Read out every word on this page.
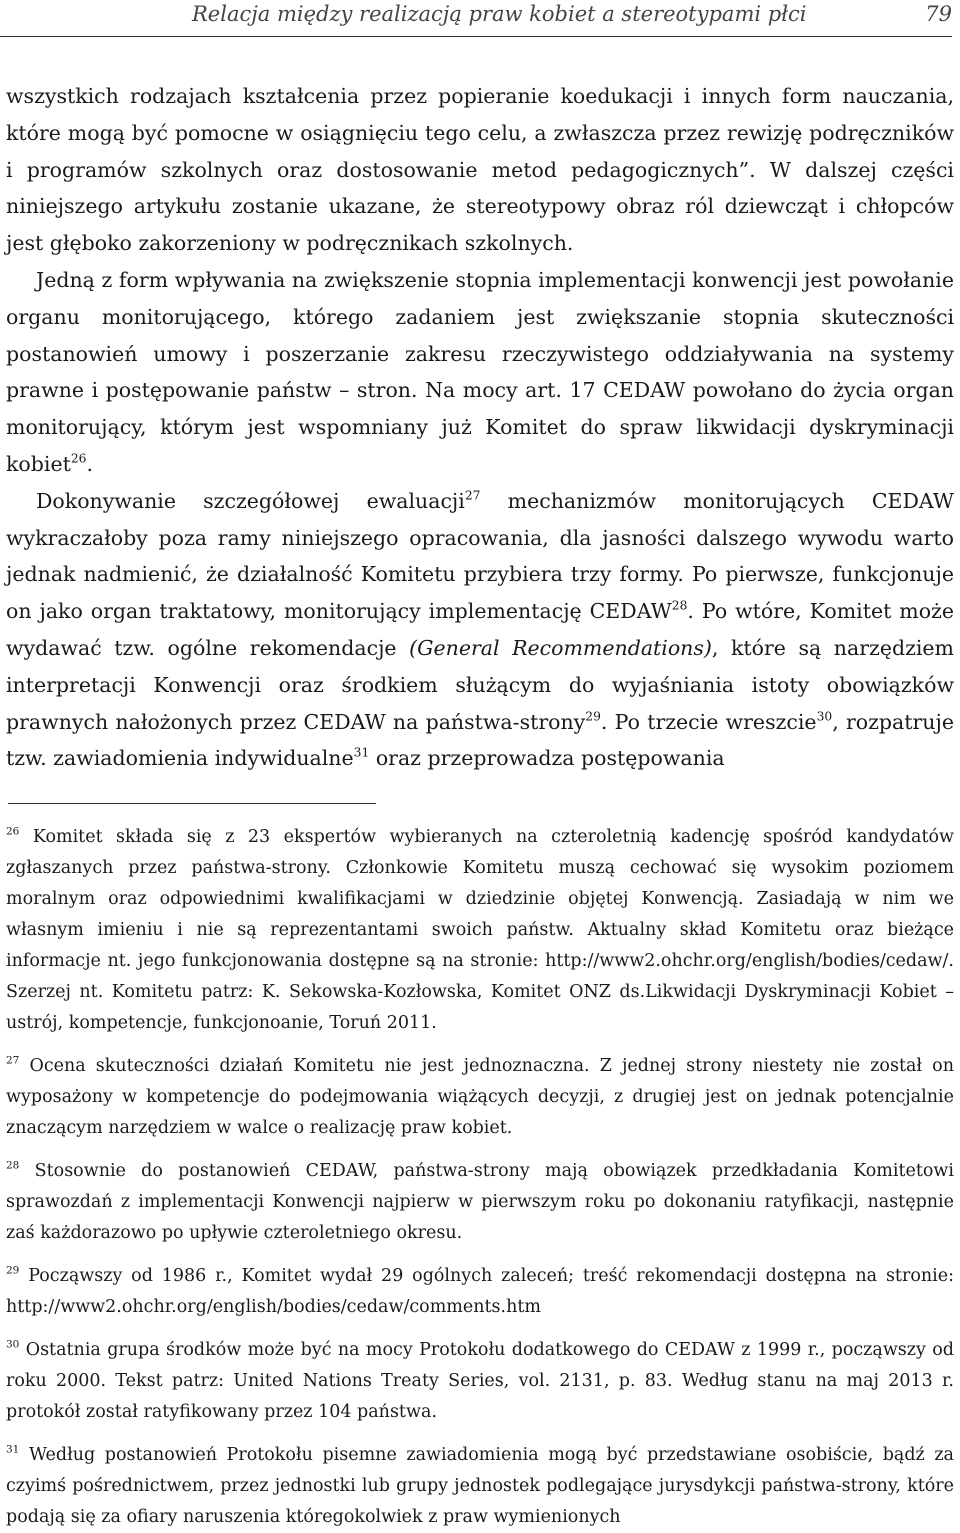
Relacja między realizacją praw kobiet a stereotypami płci	79

wszystkich rodzajach kształcenia przez popieranie koedukacji i innych form nauczania, które mogą być pomocne w osiągnięciu tego celu, a zwłaszcza przez rewizję podręczników i programów szkolnych oraz dostosowanie metod pedagogicznych”. W dalszej części niniejszego artykułu zostanie ukazane, że stereotypowy obraz ról dziewcząt i chłopców jest głęboko zakorzeniony w podręcznikach szkolnych.

Jedną z form wpływania na zwiększenie stopnia implementacji konwencji jest powołanie organu monitorującego, którego zadaniem jest zwiększanie stopnia skuteczności postanowień umowy i poszerzanie zakresu rzeczywistego oddziaływania na systemy prawne i postępowanie państw – stron. Na mocy art. 17 CEDAW powołano do życia organ monitorujący, którym jest wspomniany już Komitet do spraw likwidacji dyskryminacji kobiet$^{26}$.

Dokonywanie szczegółowej ewaluacji$^{27}$ mechanizmów monitorujących CEDAW wykraczałoby poza ramy niniejszego opracowania, dla jasności dalszego wywodu warto jednak nadmienić, że działalność Komitetu przybiera trzy formy. Po pierwsze, funkcjonuje on jako organ traktatowy, monitorujący implementację CEDAW$^{28}$. Po wtóre, Komitet może wydawać tzw. ogólne rekomendacje (General Recommendations), które są narzędziem interpretacji Konwencji oraz środkiem służącym do wyjaśniania istoty obowiązków prawnych nałożonych przez CEDAW na państwa-strony$^{29}$. Po trzecie wreszcie$^{30}$, rozpatruje tzw. zawiadomienia indywidualne$^{31}$ oraz przeprowadza postępowania

$^{26}$ Komitet składa się z 23 ekspertów wybieranych na czteroletnią kadencję spośród kandydatów zgłaszanych przez państwa-strony. Członkowie Komitetu muszą cechować się wysokim poziomem moralnym oraz odpowiednimi kwalifikacjami w dziedzinie objętej Konwencją. Zasiadają w nim we własnym imieniu i nie są reprezentantami swoich państw. Aktualny skład Komitetu oraz bieżące informacje nt. jego funkcjonowania dostępne są na stronie: http://www2.ohchr.org/english/bodies/cedaw/. Szerzej nt. Komitetu patrz: K. Sekowska-Kozłowska, Komitet ONZ ds.Likwidacji Dyskryminacji Kobiet – ustrój, kompetencje, funkcjonoanie, Toruń 2011.

$^{27}$ Ocena skuteczności działań Komitetu nie jest jednoznaczna. Z jednej strony niestety nie został on wyposażony w kompetencje do podejmowania wiążących decyzji, z drugiej jest on jednak potencjalnie znaczącym narzędziem w walce o realizację praw kobiet.

$^{28}$ Stosownie do postanowień CEDAW, państwa-strony mają obowiązek przedkładania Komitetowi sprawozdań z implementacji Konwencji najpierw w pierwszym roku po dokonaniu ratyfikacji, następnie zaś każdorazowo po upływie czteroletniego okresu.

$^{29}$ Począwszy od 1986 r., Komitet wydał 29 ogólnych zaleceń; treść rekomendacji dostępna na stronie: http://www2.ohchr.org/english/bodies/cedaw/comments.htm

$^{30}$ Ostatnia grupa środków może być na mocy Protokołu dodatkowego do CEDAW z 1999 r., począwszy od roku 2000. Tekst patrz: United Nations Treaty Series, vol. 2131, p. 83. Według stanu na maj 2013 r. protokół został ratyfikowany przez 104 państwa.

$^{31}$ Według postanowień Protokołu pisemne zawiadomienia mogą być przedstawiane osobiście, bądź za czyimś pośrednictwem, przez jednostki lub grupy jednostek podlegające jurysdykcji państwa-strony, które podają się za ofiary naruszenia któregokolwiek z praw wymienionych
